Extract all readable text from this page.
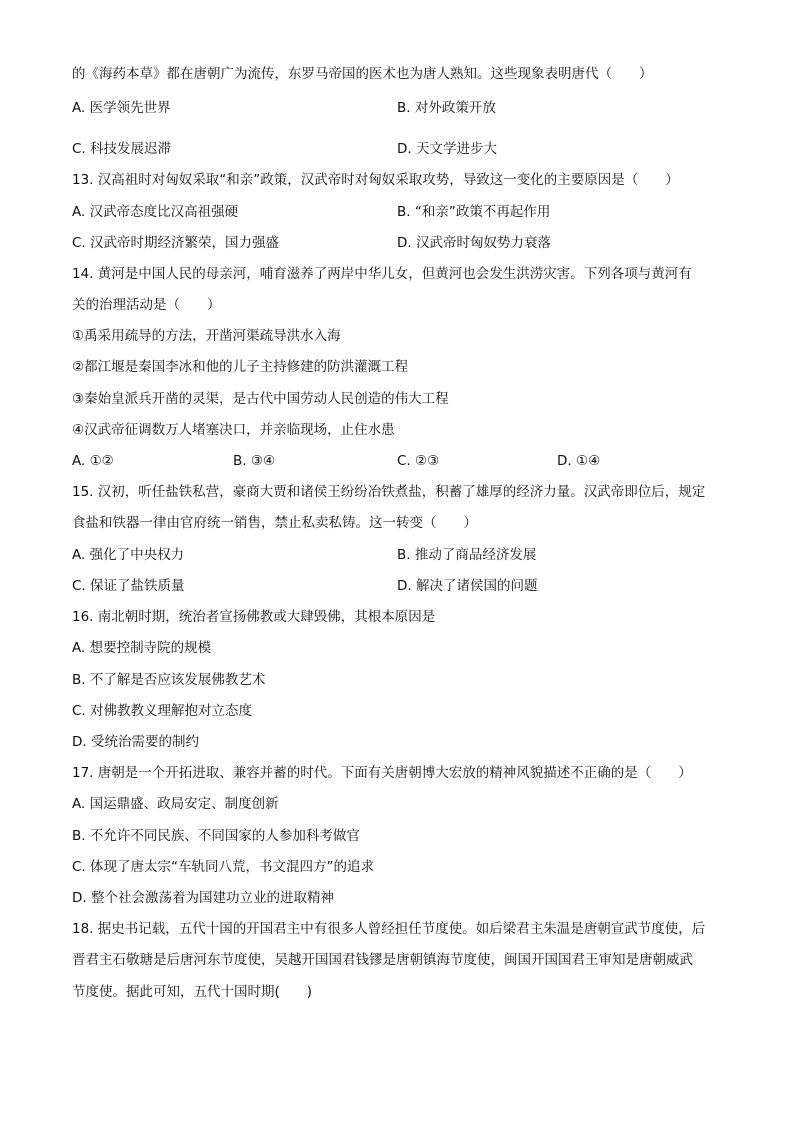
的《海药本草》都在唐朝广为流传，东罗马帝国的医术也为唐人熟知。这些现象表明唐代（　　）
A. 医学领先世界	B. 对外政策开放
C. 科技发展迟滞	D. 天文学进步大
13. 汉高祖时对匈奴采取“和亲”政策，汉武帝时对匈奴采取攻势，导致这一变化的主要原因是（　　）
A. 汉武帝态度比汉高祖强硬	B. “和亲”政策不再起作用
C. 汉武帝时期经济繁荣，国力强盛	D. 汉武帝时匈奴势力衰落
14. 黄河是中国人民的母亲河，哺育滋养了两岸中华儿女，但黄河也会发生洪涝灾害。下列各项与黄河有
关的治理活动是（　　）
①禹采用疏导的方法，开凿河渠疏导洪水入海
②都江堰是秦国李冰和他的儿子主持修建的防洪灌溉工程
③秦始皇派兵开凿的灵渠，是古代中国劳动人民创造的伟大工程
④汉武帝征调数万人堵塞决口，并亲临现场，止住水患
A. ①②	B. ③④	C. ②③	D. ①④
15. 汉初，听任盐铁私营，豪商大贾和诸侯王纷纷冶铁煮盐，积蓄了雄厚的经济力量。汉武帝即位后，规定
食盐和铁器一律由官府统一销售，禁止私卖私铸。这一转变（　　）
A. 强化了中央权力	B. 推动了商品经济发展
C. 保证了盐铁质量	D. 解决了诸侯国的问题
16. 南北朝时期，统治者宣扬佛教或大肆毁佛，其根本原因是
A. 想要控制寺院的规模
B. 不了解是否应该发展佛教艺术
C. 对佛教教义理解抱对立态度
D. 受统治需要的制约
17. 唐朝是一个开拓进取、兼容并蓄的时代。下面有关唐朝博大宏放的精神风貌描述不正确的是（　　）
A. 国运鼎盛、政局安定、制度创新
B. 不允许不同民族、不同国家的人参加科考做官
C. 体现了唐太宗“车轨同八荒，书文混四方”的追求
D. 整个社会激荡着为国建功立业的进取精神
18. 据史书记载，五代十国的开国君主中有很多人曾经担任节度使。如后梁君主朱温是唐朝宣武节度使，后
晋君主石敬瑭是后唐河东节度使，吴越开国国君钱镠是唐朝镇海节度使，闽国开国国君王审知是唐朝威武
节度使。据此可知，五代十国时期(　　)
